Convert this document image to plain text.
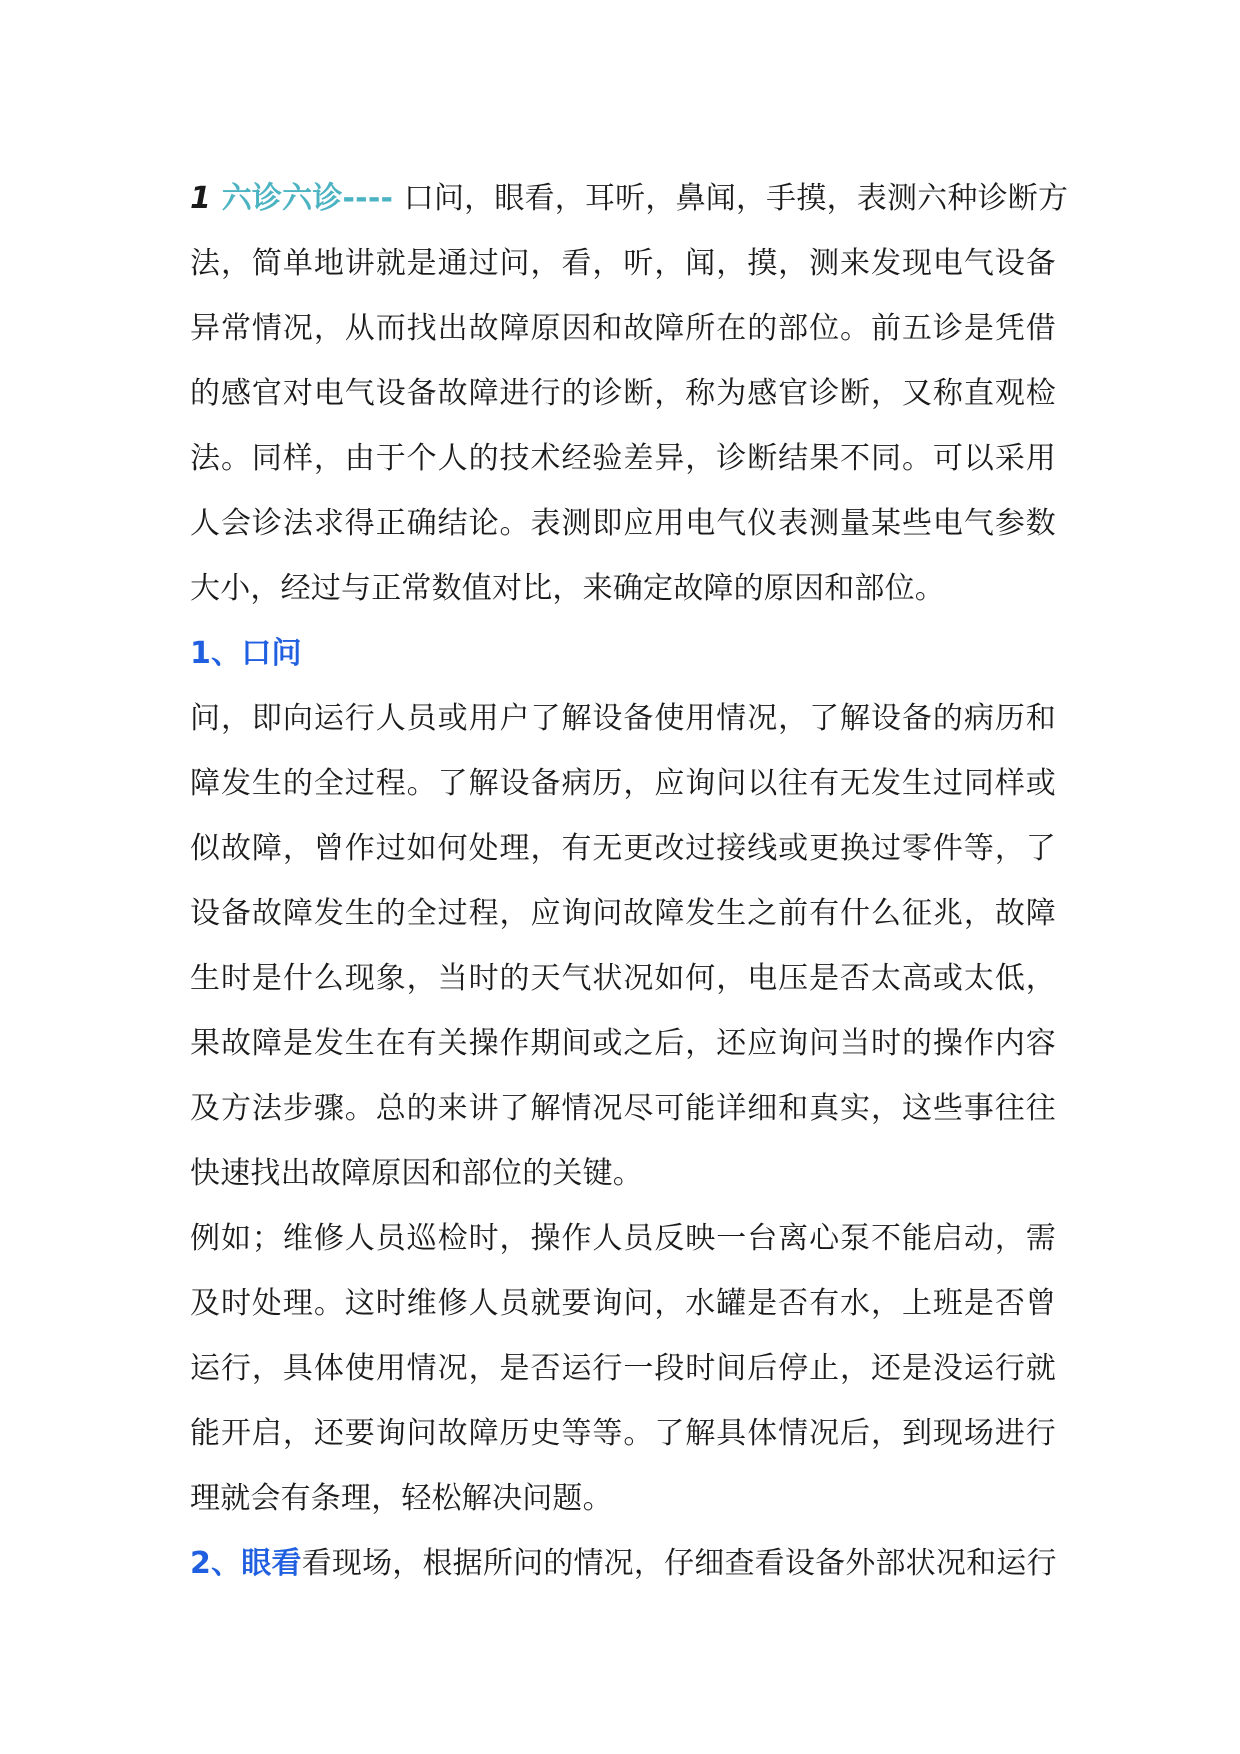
1 六诊六诊---- 口问，眼看，耳听，鼻闻，手摸，表测六种诊断方
法，简单地讲就是通过问，看，听，闻，摸，测来发现电气设备
异常情况，从而找出故障原因和故障所在的部位。前五诊是凭借
的感官对电气设备故障进行的诊断，称为感官诊断，又称直观检
法。同样，由于个人的技术经验差异，诊断结果不同。可以采用
人会诊法求得正确结论。表测即应用电气仪表测量某些电气参数
大小，经过与正常数值对比，来确定故障的原因和部位。
1、口问
问，即向运行人员或用户了解设备使用情况，了解设备的病历和
障发生的全过程。了解设备病历，应询问以往有无发生过同样或
似故障，曾作过如何处理，有无更改过接线或更换过零件等，了
设备故障发生的全过程，应询问故障发生之前有什么征兆，故障
生时是什么现象，当时的天气状况如何，电压是否太高或太低，
果故障是发生在有关操作期间或之后，还应询问当时的操作内容
及方法步骤。总的来讲了解情况尽可能详细和真实，这些事往往
快速找出故障原因和部位的关键。
例如；维修人员巡检时，操作人员反映一台离心泵不能启动，需
及时处理。这时维修人员就要询问，水罐是否有水，上班是否曾
运行，具体使用情况，是否运行一段时间后停止，还是没运行就
能开启，还要询问故障历史等等。了解具体情况后，到现场进行
理就会有条理，轻松解决问题。
2、眼看看现场，根据所问的情况，仔细查看设备外部状况和运行
